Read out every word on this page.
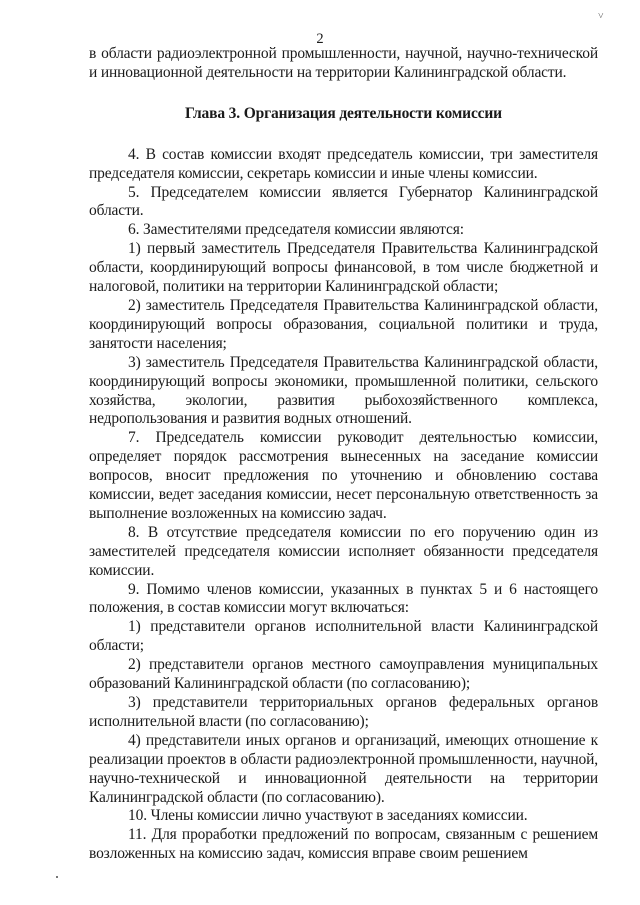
˅
2

в области радиоэлектронной промышленности, научной, научно-технической и инновационной деятельности на территории Калининградской области.

Глава 3. Организация деятельности комиссии

4. В состав комиссии входят председатель комиссии, три заместителя председателя комиссии, секретарь комиссии и иные члены комиссии.

5. Председателем комиссии является Губернатор Калининградской области.

6. Заместителями председателя комиссии являются:

1) первый заместитель Председателя Правительства Калининградской области, координирующий вопросы финансовой, в том числе бюджетной и налоговой, политики на территории Калининградской области;

2) заместитель Председателя Правительства Калининградской области, координирующий вопросы образования, социальной политики и труда, занятости населения;

3) заместитель Председателя Правительства Калининградской области, координирующий вопросы экономики, промышленной политики, сельского хозяйства, экологии, развития рыбохозяйственного комплекса, недропользования и развития водных отношений.

7. Председатель комиссии руководит деятельностью комиссии, определяет порядок рассмотрения вынесенных на заседание комиссии вопросов, вносит предложения по уточнению и обновлению состава комиссии, ведет заседания комиссии, несет персональную ответственность за выполнение возложенных на комиссию задач.

8. В отсутствие председателя комиссии по его поручению один из заместителей председателя комиссии исполняет обязанности председателя комиссии.

9. Помимо членов комиссии, указанных в пунктах 5 и 6 настоящего положения, в состав комиссии могут включаться:

1) представители органов исполнительной власти Калининградской области;

2) представители органов местного самоуправления муниципальных образований Калининградской области (по согласованию);

3) представители территориальных органов федеральных органов исполнительной власти (по согласованию);

4) представители иных органов и организаций, имеющих отношение к реализации проектов в области радиоэлектронной промышленности, научной, научно-технической и инновационной деятельности на территории Калининградской области (по согласованию).

10. Члены комиссии лично участвуют в заседаниях комиссии.

11. Для проработки предложений по вопросам, связанным с решением возложенных на комиссию задач, комиссия вправе своим решением
